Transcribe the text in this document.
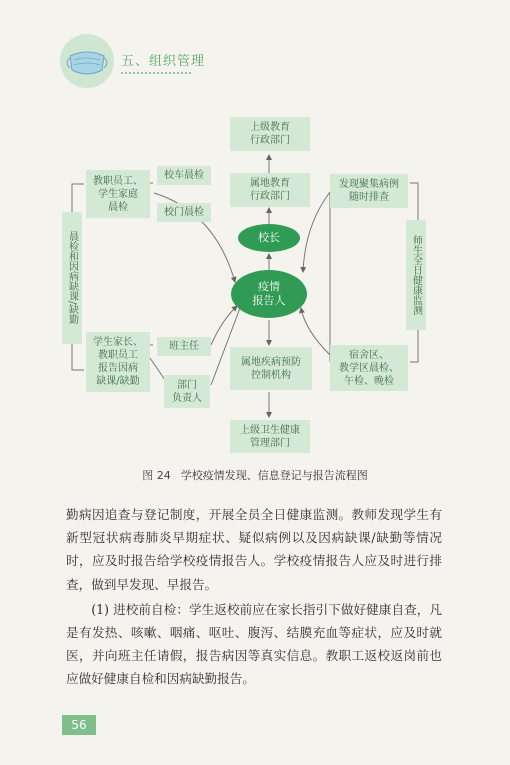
五、组织管理
上级教育
行政部门
属地教育
行政部门
校长
疫情
报告人
属地疾病预防
控制机构
上级卫生健康
管理部门
教职员工、
学生家庭
晨检
校车晨检
校门晨检
晨检和因病缺课/缺勤
学生家长、
教职员工
报告因病
缺课/缺勤
班主任
部门
负责人
发现聚集病例
随时排查
师生全日健康监测
宿舍区、
教学区晨检、
午检、晚检
图 24 学校疫情发现、信息登记与报告流程图

勤病因追查与登记制度，开展全员全日健康监测。教师发现学生有新型冠状病毒肺炎早期症状、疑似病例以及因病缺课/缺勤等情况时，应及时报告给学校疫情报告人。学校疫情报告人应及时进行排查，做到早发现、早报告。

(1) 进校前自检：学生返校前应在家长指引下做好健康自查，凡是有发热、咳嗽、咽痛、呕吐、腹泻、结膜充血等症状，应及时就医，并向班主任请假，报告病因等真实信息。教职工返校返岗前也应做好健康自检和因病缺勤报告。

56
